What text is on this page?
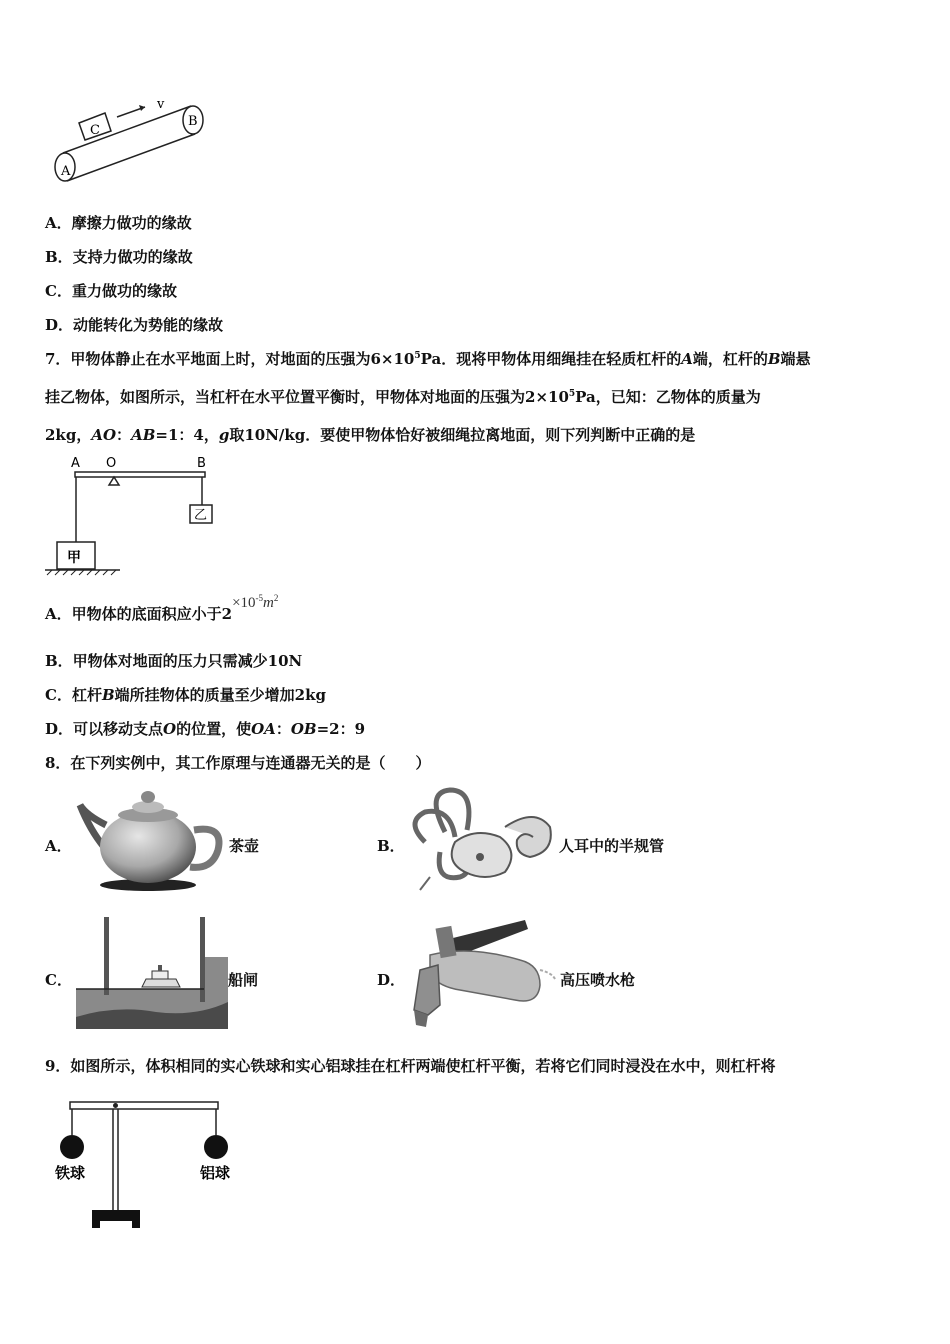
A
B
C
v
A．摩擦力做功的缘故
B．支持力做功的缘故
C．重力做功的缘故
D．动能转化为势能的缘故
7．甲物体静止在水平地面上时，对地面的压强为$6\times 10^5Pa$．现将甲物体用细绳挂在轻质杠杆的A端，杠杆的B端悬
挂乙物体，如图所示，当杠杆在水平位置平衡时，甲物体对地面的压强为$2\times 10^5Pa$，已知：乙物体的质量为
2kg，AO：AB=1：4，g取10N/kg．要使甲物体恰好被细绳拉离地面，则下列判断中正确的是
A O	B
甲
乙
A．甲物体的底面积应小于$2\times 10^{-5}m^2$
B．甲物体对地面的压力只需减少10N
C．杠杆B端所挂物体的质量至少增加2kg
D．可以移动支点O的位置，使OA：OB=2：9
8．在下列实例中，其工作原理与连通器无关的是（　　）
A．	茶壶	B．	人耳中的半规管
C．	船闸	D．	高压喷水枪
9．如图所示，体积相同的实心铁球和实心铝球挂在杠杆两端使杠杆平衡，若将它们同时浸没在水中，则杠杆将
铁球	铝球
